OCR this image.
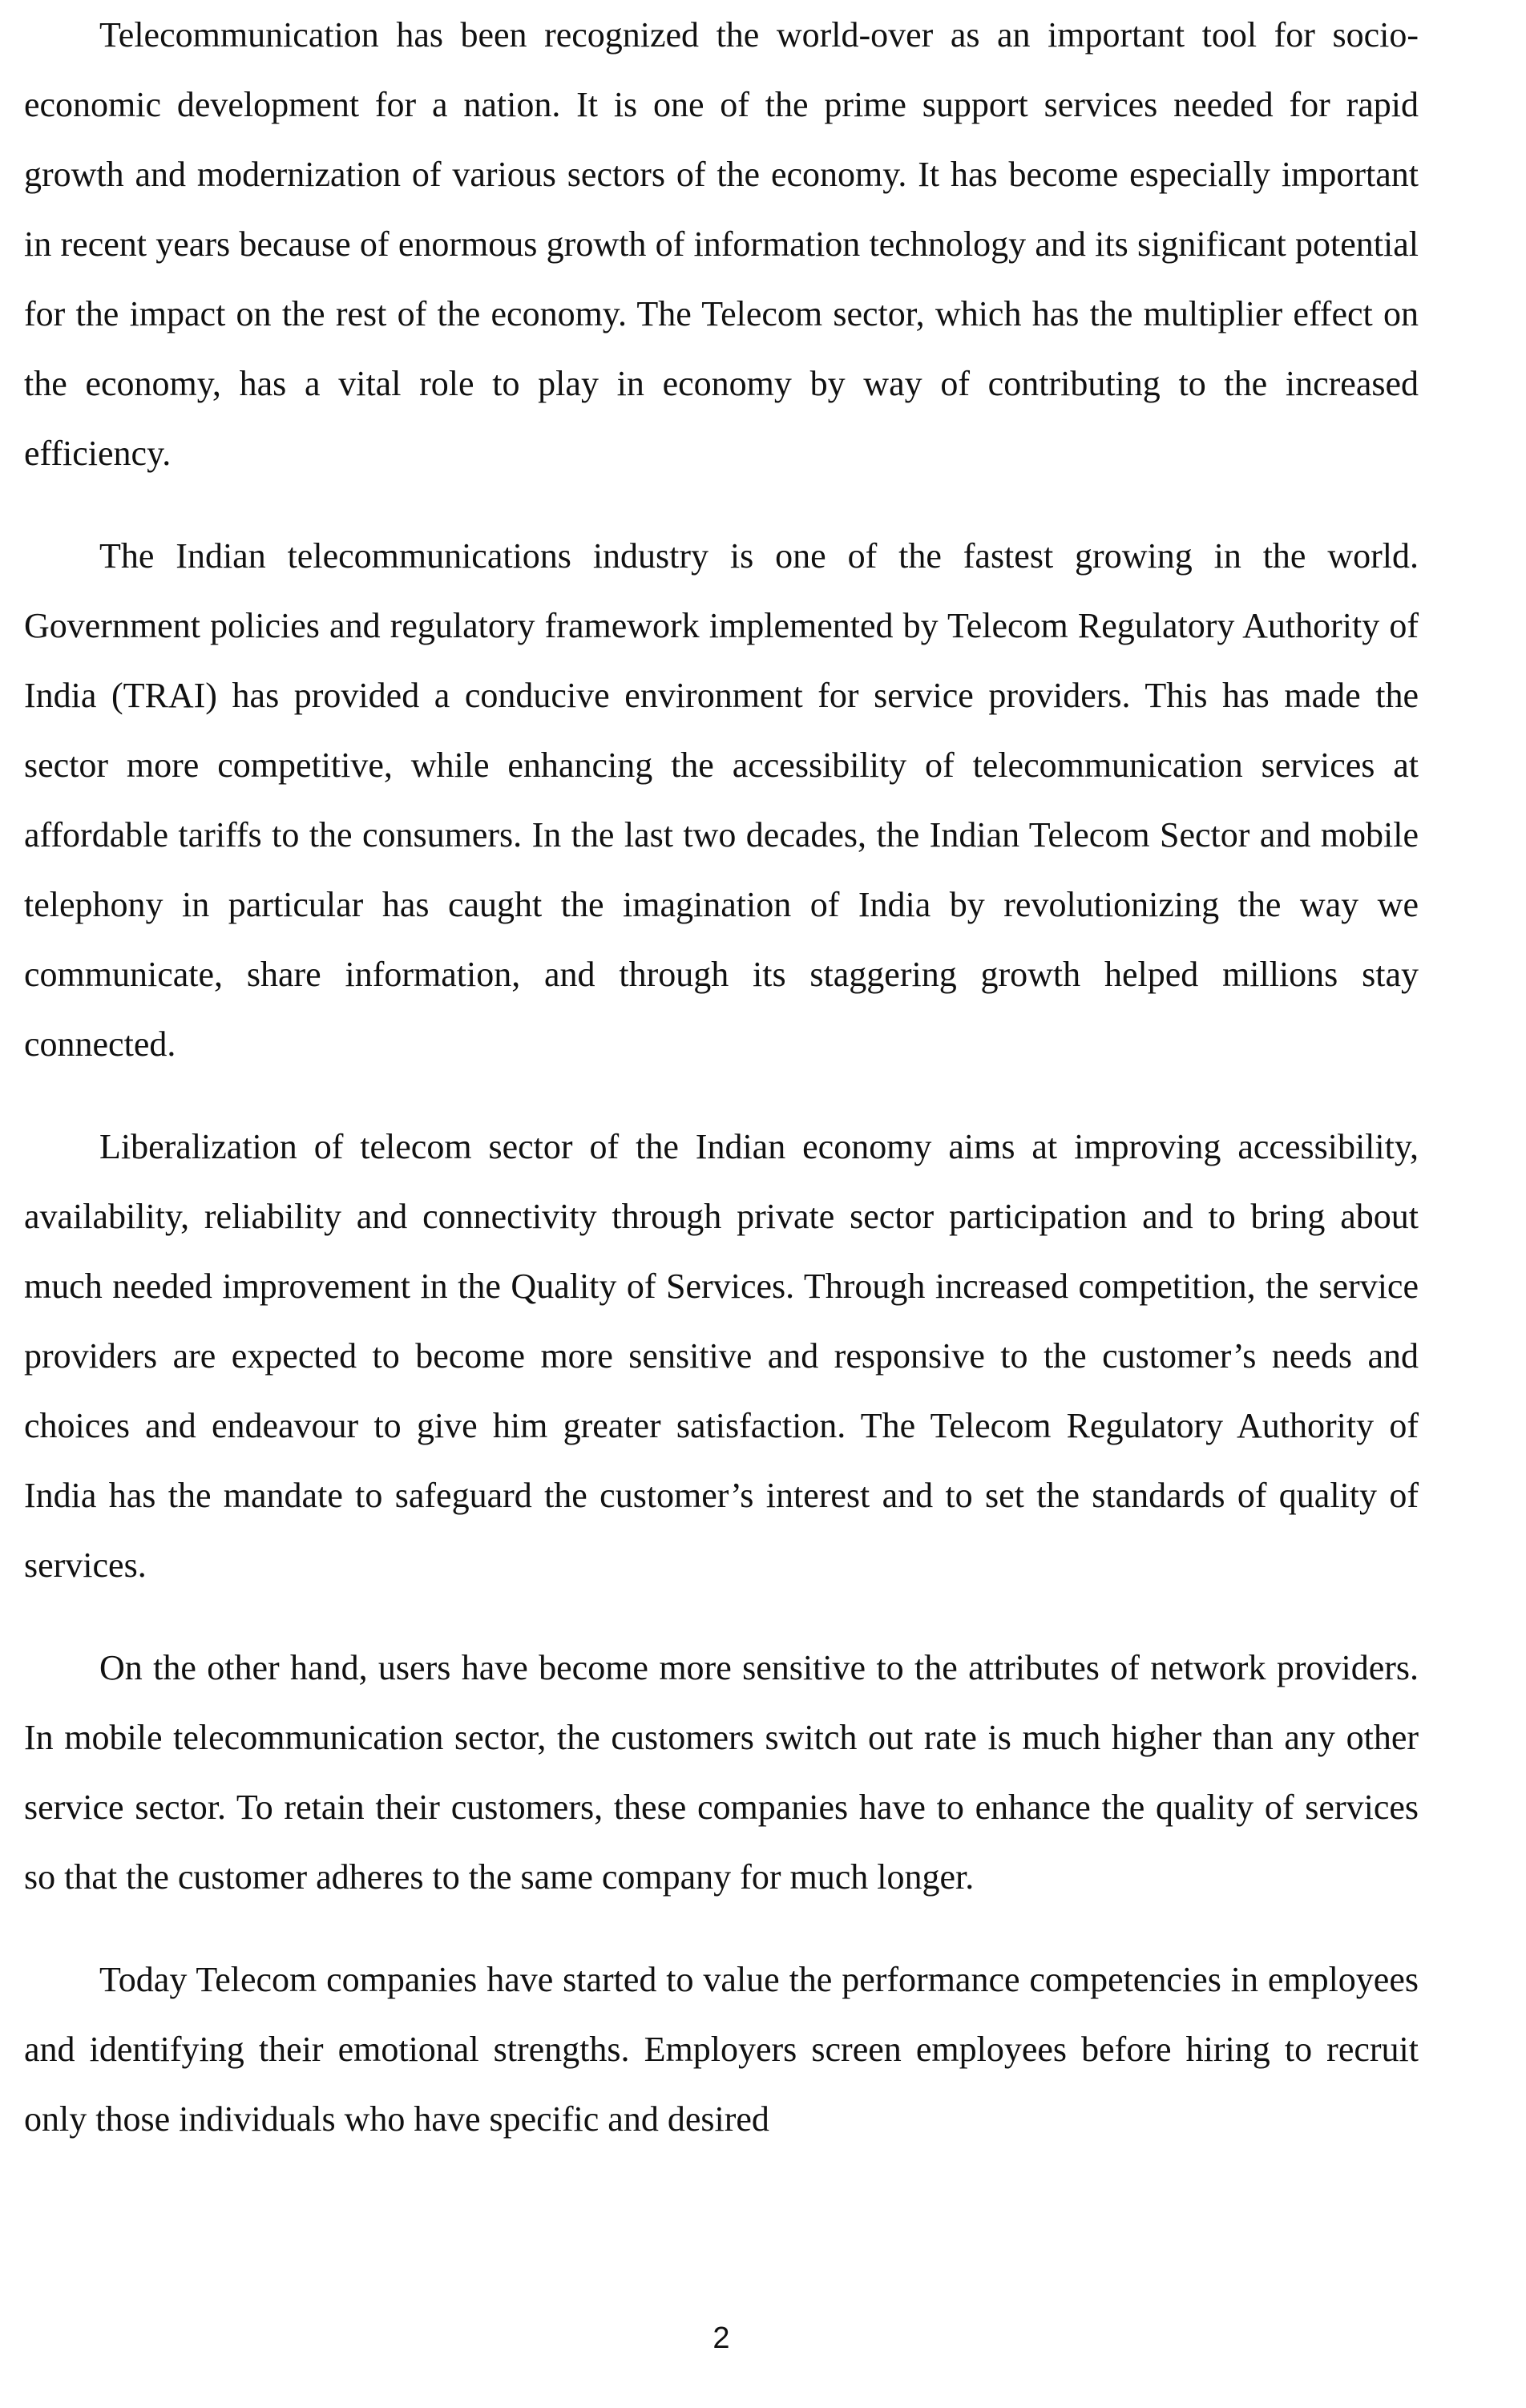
Telecommunication has been recognized the world-over as an important tool for socio-economic development for a nation. It is one of the prime support services needed for rapid growth and modernization of various sectors of the economy. It has become especially important in recent years because of enormous growth of information technology and its significant potential for the impact on the rest of the economy. The Telecom sector, which has the multiplier effect on the economy, has a vital role to play in economy by way of contributing to the increased efficiency.

The Indian telecommunications industry is one of the fastest growing in the world. Government policies and regulatory framework implemented by Telecom Regulatory Authority of India (TRAI) has provided a conducive environment for service providers. This has made the sector more competitive, while enhancing the accessibility of telecommunication services at affordable tariffs to the consumers. In the last two decades, the Indian Telecom Sector and mobile telephony in particular has caught the imagination of India by revolutionizing the way we communicate, share information, and through its staggering growth helped millions stay connected.

Liberalization of telecom sector of the Indian economy aims at improving accessibility, availability, reliability and connectivity through private sector participation and to bring about much needed improvement in the Quality of Services. Through increased competition, the service providers are expected to become more sensitive and responsive to the customer’s needs and choices and endeavour to give him greater satisfaction. The Telecom Regulatory Authority of India has the mandate to safeguard the customer’s interest and to set the standards of quality of services.

On the other hand, users have become more sensitive to the attributes of network providers. In mobile telecommunication sector, the customers switch out rate is much higher than any other service sector. To retain their customers, these companies have to enhance the quality of services so that the customer adheres to the same company for much longer.

Today Telecom companies have started to value the performance competencies in employees and identifying their emotional strengths. Employers screen employees before hiring to recruit only those individuals who have specific and desired

2
